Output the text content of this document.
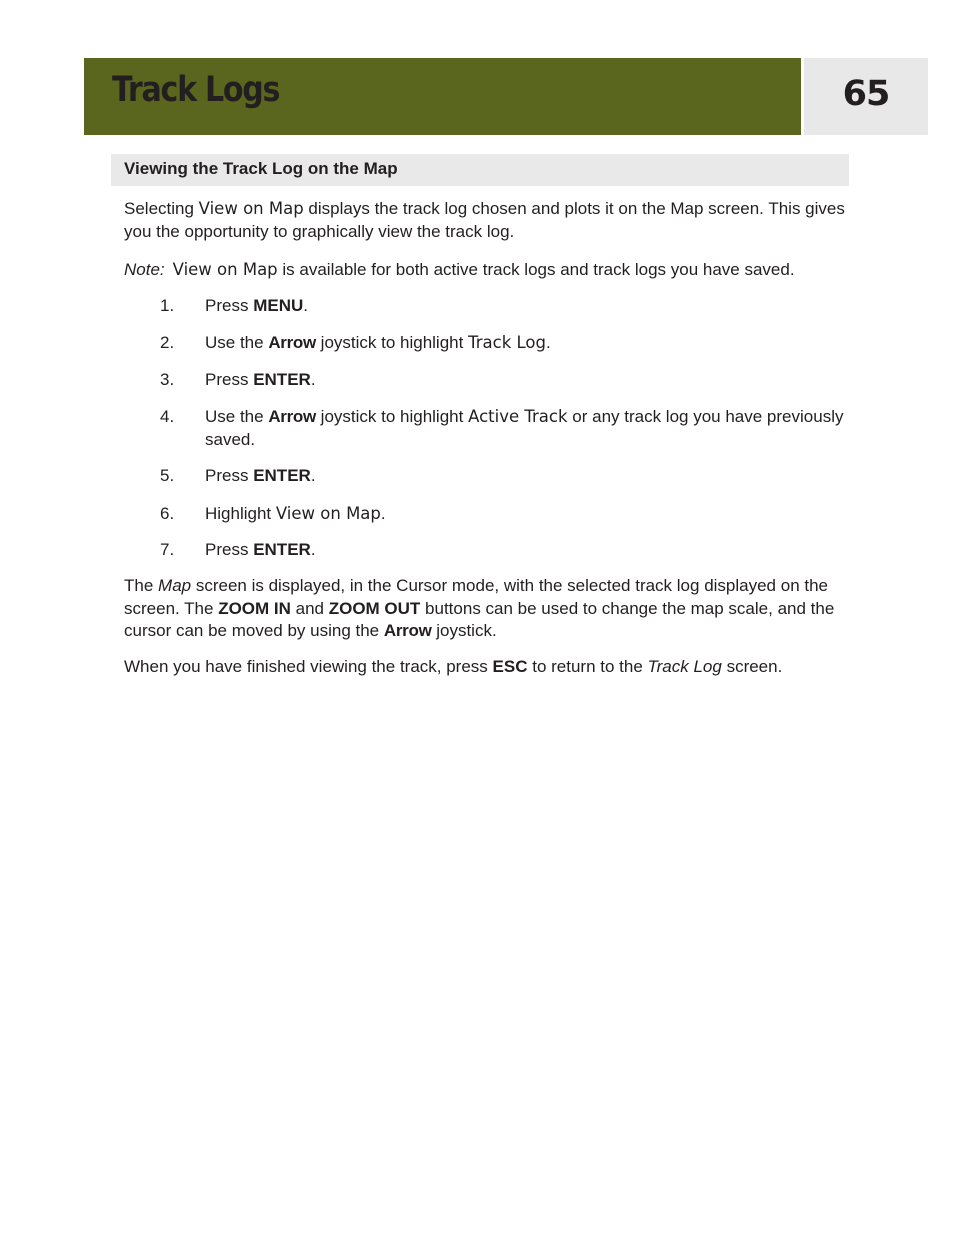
Track Logs	65
Viewing the Track Log on the Map

Selecting View on Map displays the track log chosen and plots it on the Map screen. This gives you the opportunity to graphically view the track log.

Note: View on Map is available for both active track logs and track logs you have saved.

1.	Press MENU.
2.	Use the Arrow joystick to highlight Track Log.
3.	Press ENTER.
4.	Use the Arrow joystick to highlight Active Track or any track log you have previously saved.
5.	Press ENTER.
6.	Highlight View on Map.
7.	Press ENTER.

The Map screen is displayed, in the Cursor mode, with the selected track log displayed on the screen. The ZOOM IN and ZOOM OUT buttons can be used to change the map scale, and the cursor can be moved by using the Arrow joystick.

When you have finished viewing the track, press ESC to return to the Track Log screen.
